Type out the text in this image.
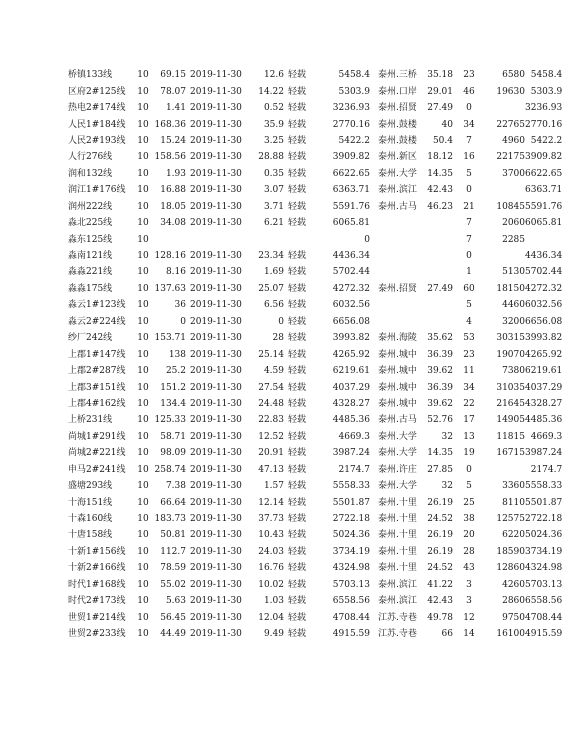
桥镇133线	10	69.15	2019-11-30	12.6	轻载	5458.4	泰州.三桥	35.18	23	6580	5458.4
区府2#125线	10	78.07	2019-11-30	14.22	轻载	5303.9	泰州.口岸	29.01	46	19630	5303.9
热电2#174线	10	1.41	2019-11-30	0.52	轻载	3236.93	泰州.招贤	27.49	0		3236.93
人民1#184线	10	168.36	2019-11-30	35.9	轻载	2770.16	泰州.鼓楼	40	34	22765	2770.16
人民2#193线	10	15.24	2019-11-30	3.25	轻载	5422.2	泰州.鼓楼	50.4	7	4960	5422.2
人行276线	10	158.56	2019-11-30	28.88	轻载	3909.82	泰州.新区	18.12	16	22175	3909.82
润和132线	10	1.93	2019-11-30	0.35	轻载	6622.65	泰州.大学	14.35	5	3700	6622.65
润江1#176线	10	16.88	2019-11-30	3.07	轻载	6363.71	泰州.滨江	42.43	0		6363.71
润州222线	10	18.05	2019-11-30	3.71	轻载	5591.76	泰州.古马	46.23	21	10845	5591.76
淼北225线	10	34.08	2019-11-30	6.21	轻载	6065.81			7	2060	6065.81
淼东125线	10					0			7	2285	
淼南121线	10	128.16	2019-11-30	23.34	轻载	4436.34			0		4436.34
淼淼221线	10	8.16	2019-11-30	1.69	轻载	5702.44			1	5130	5702.44
淼淼175线	10	137.63	2019-11-30	25.07	轻载	4272.32	泰州.招贤	27.49	60	18150	4272.32
淼云1#123线	10	36	2019-11-30	6.56	轻载	6032.56			5	4460	6032.56
淼云2#224线	10	0	2019-11-30	0	轻载	6656.08			4	3200	6656.08
纱厂242线	10	153.71	2019-11-30	28	轻载	3993.82	泰州.海陵	35.62	53	30315	3993.82
上郡1#147线	10	138	2019-11-30	25.14	轻载	4265.92	泰州.城中	36.39	23	19070	4265.92
上郡2#287线	10	25.2	2019-11-30	4.59	轻载	6219.61	泰州.城中	39.62	11	7380	6219.61
上郡3#151线	10	151.2	2019-11-30	27.54	轻载	4037.29	泰州.城中	36.39	34	31035	4037.29
上郡4#162线	10	134.4	2019-11-30	24.48	轻载	4328.27	泰州.城中	39.62	22	21645	4328.27
上桥231线	10	125.33	2019-11-30	22.83	轻载	4485.36	泰州.古马	52.76	17	14905	4485.36
尚城1#291线	10	58.71	2019-11-30	12.52	轻载	4669.3	泰州.大学	32	13	11815	4669.3
尚城2#221线	10	98.09	2019-11-30	20.91	轻载	3987.24	泰州.大学	14.35	19	16715	3987.24
申马2#241线	10	258.74	2019-11-30	47.13	轻载	2174.7	泰州.许庄	27.85	0		2174.7
盛塘293线	10	7.38	2019-11-30	1.57	轻载	5558.33	泰州.大学	32	5	3360	5558.33
十海151线	10	66.64	2019-11-30	12.14	轻载	5501.87	泰州.十里	26.19	25	8110	5501.87
十森160线	10	183.73	2019-11-30	37.73	轻载	2722.18	泰州.十里	24.52	38	12575	2722.18
十唐158线	10	50.81	2019-11-30	10.43	轻载	5024.36	泰州.十里	26.19	20	6220	5024.36
十新1#156线	10	112.7	2019-11-30	24.03	轻载	3734.19	泰州.十里	26.19	28	18590	3734.19
十新2#166线	10	78.59	2019-11-30	16.76	轻载	4324.98	泰州.十里	24.52	43	12860	4324.98
时代1#168线	10	55.02	2019-11-30	10.02	轻载	5703.13	泰州.滨江	41.22	3	4260	5703.13
时代2#173线	10	5.63	2019-11-30	1.03	轻载	6558.56	泰州.滨江	42.43	3	2860	6558.56
世贸1#214线	10	56.45	2019-11-30	12.04	轻载	4708.44	江苏.寺巷	49.78	12	9750	4708.44
世贸2#233线	10	44.49	2019-11-30	9.49	轻载	4915.59	江苏.寺巷	66	14	16100	4915.59
